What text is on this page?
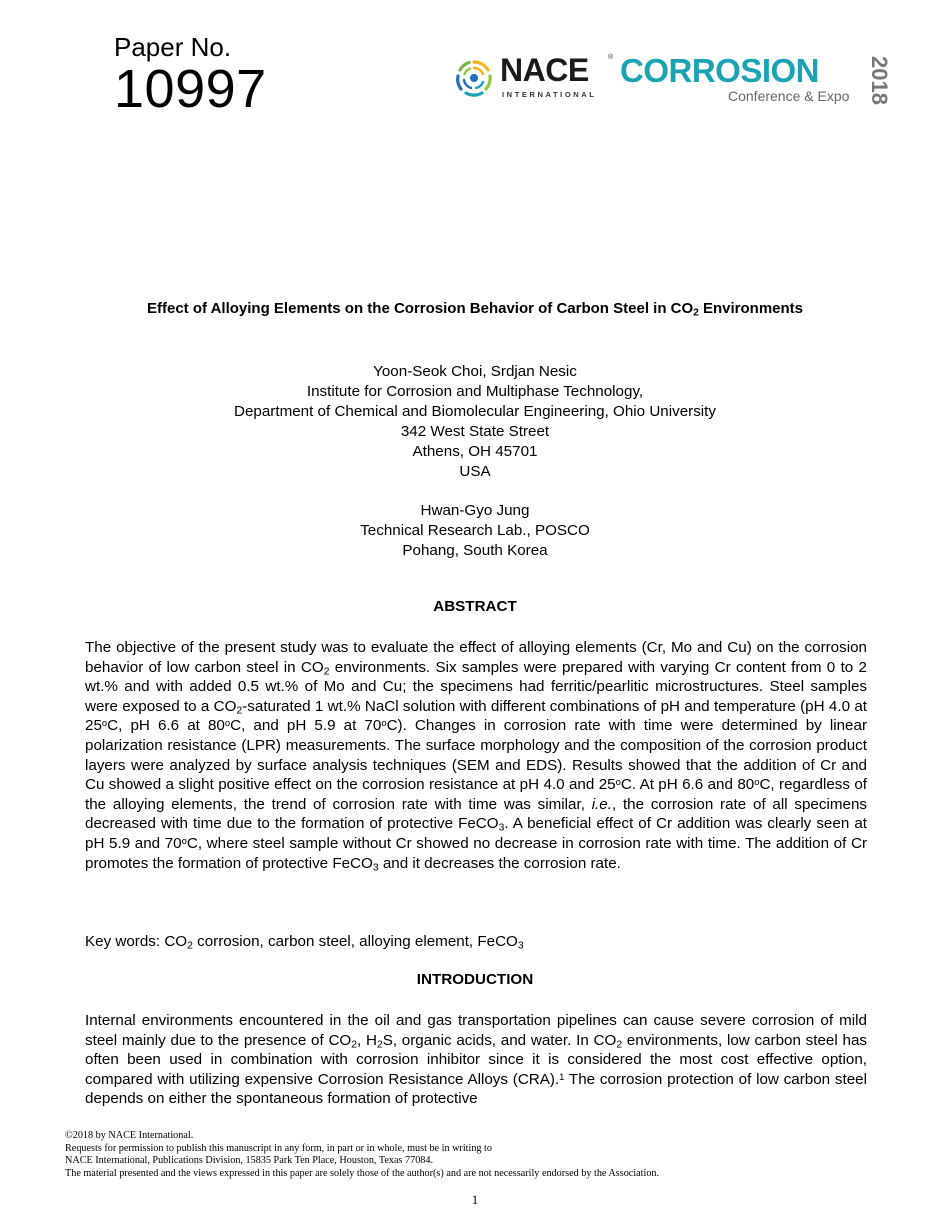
Paper No.
10997	NACE	®
INTERNATIONAL
CORROSION
Conference & Expo 2018
Effect of Alloying Elements on the Corrosion Behavior of Carbon Steel in $CO_2$ Environments
Yoon-Seok Choi, Srdjan Nesic
Institute for Corrosion and Multiphase Technology,
Department of Chemical and Biomolecular Engineering, Ohio University
342 West State Street
Athens, OH 45701
USA
Hwan-Gyo Jung
Technical Research Lab., POSCO
Pohang, South Korea
ABSTRACT
The objective of the present study was to evaluate the effect of alloying elements (Cr, Mo and Cu) on the corrosion behavior of low carbon steel in $CO_2$ environments. Six samples were prepared with varying Cr content from 0 to 2 wt.% and with added 0.5 wt.% of Mo and Cu; the specimens had ferritic/pearlitic microstructures. Steel samples were exposed to a $CO_2$-saturated 1 wt.% NaCl solution with different combinations of pH and temperature (pH 4.0 at 25$^o$C, pH 6.6 at 80$^o$C, and pH 5.9 at 70$^o$C). Changes in corrosion rate with time were determined by linear polarization resistance (LPR) measurements. The surface morphology and the composition of the corrosion product layers were analyzed by surface analysis techniques (SEM and EDS). Results showed that the addition of Cr and Cu showed a slight positive effect on the corrosion resistance at pH 4.0 and 25$^o$C. At pH 6.6 and 80$^o$C, regardless of the alloying elements, the trend of corrosion rate with time was similar, i.e., the corrosion rate of all specimens decreased with time due to the formation of protective FeCO$_3$. A beneficial effect of Cr addition was clearly seen at pH 5.9 and 70$^o$C, where steel sample without Cr showed no decrease in corrosion rate with time. The addition of Cr promotes the formation of protective FeCO$_3$ and it decreases the corrosion rate.
Key words: $CO_2$ corrosion, carbon steel, alloying element, FeCO$_3$
INTRODUCTION
Internal environments encountered in the oil and gas transportation pipelines can cause severe corrosion of mild steel mainly due to the presence of $CO_2$, $H_2S$, organic acids, and water. In $CO_2$ environments, low carbon steel has often been used in combination with corrosion inhibitor since it is considered the most cost effective option, compared with utilizing expensive Corrosion Resistance Alloys (CRA).$^1$ The corrosion protection of low carbon steel depends on either the spontaneous formation of protective
©2018 by NACE International.
Requests for permission to publish this manuscript in any form, in part or in whole, must be in writing to
NACE International, Publications Division, 15835 Park Ten Place, Houston, Texas 77084.
The material presented and the views expressed in this paper are solely those of the author(s) and are not necessarily endorsed by the Association.
1
